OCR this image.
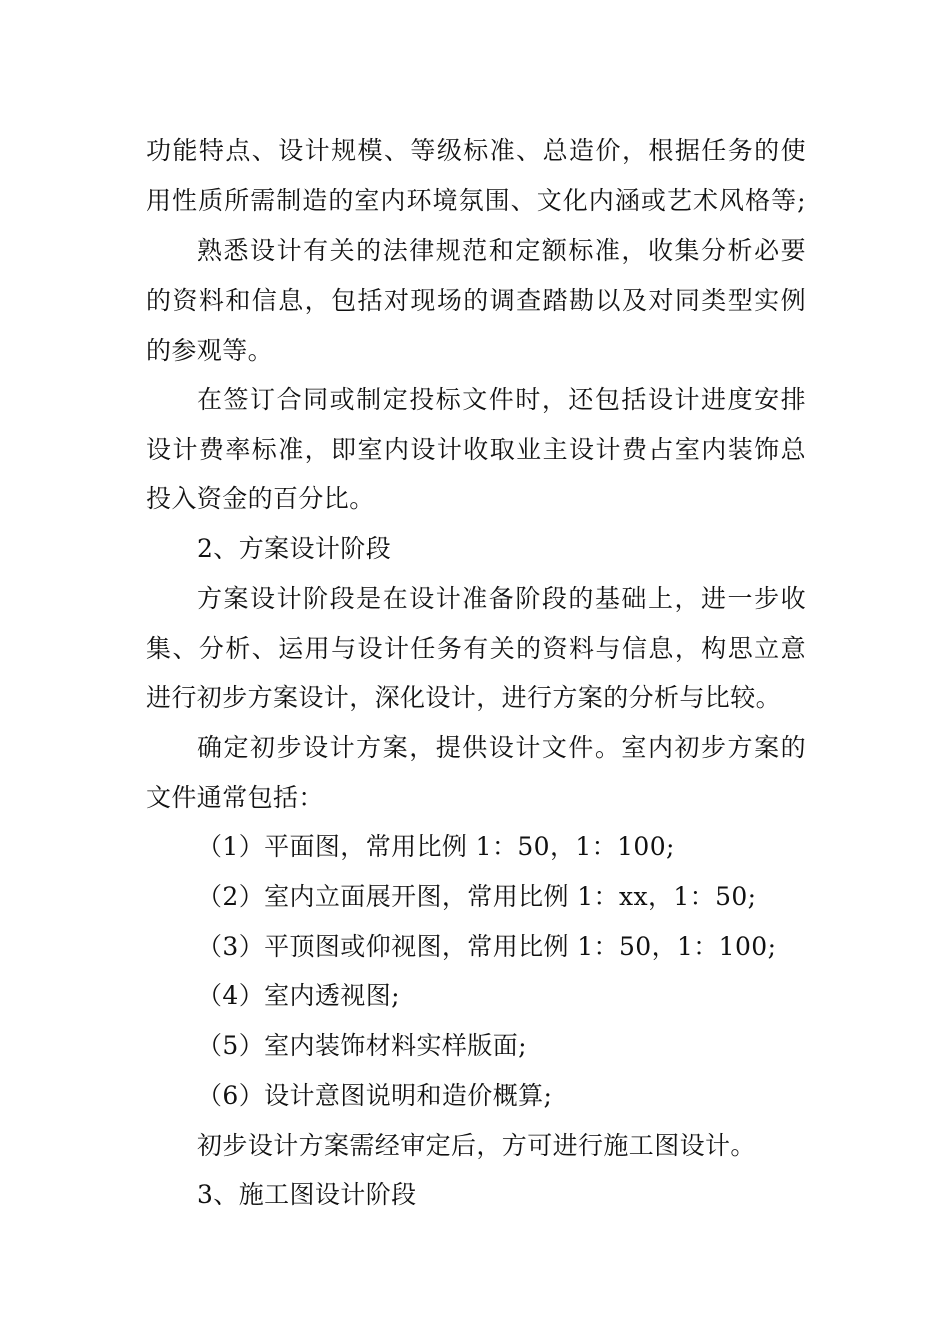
功能特点、设计规模、等级标准、总造价，根据任务的使
用性质所需制造的室内环境氛围、文化内涵或艺术风格等;
熟悉设计有关的法律规范和定额标准，收集分析必要
的资料和信息，包括对现场的调查踏勘以及对同类型实例
的参观等。
在签订合同或制定投标文件时，还包括设计进度安排
设计费率标准，即室内设计收取业主设计费占室内装饰总
投入资金的百分比。
2、方案设计阶段
方案设计阶段是在设计准备阶段的基础上，进一步收
集、分析、运用与设计任务有关的资料与信息，构思立意
进行初步方案设计，深化设计，进行方案的分析与比较。
确定初步设计方案，提供设计文件。室内初步方案的
文件通常包括：
（1）平面图，常用比例 1：50，1：100;
（2）室内立面展开图，常用比例 1：xx，1：50;
（3）平顶图或仰视图，常用比例 1：50，1：100;
（4）室内透视图;
（5）室内装饰材料实样版面;
（6）设计意图说明和造价概算;
初步设计方案需经审定后，方可进行施工图设计。
3、施工图设计阶段
